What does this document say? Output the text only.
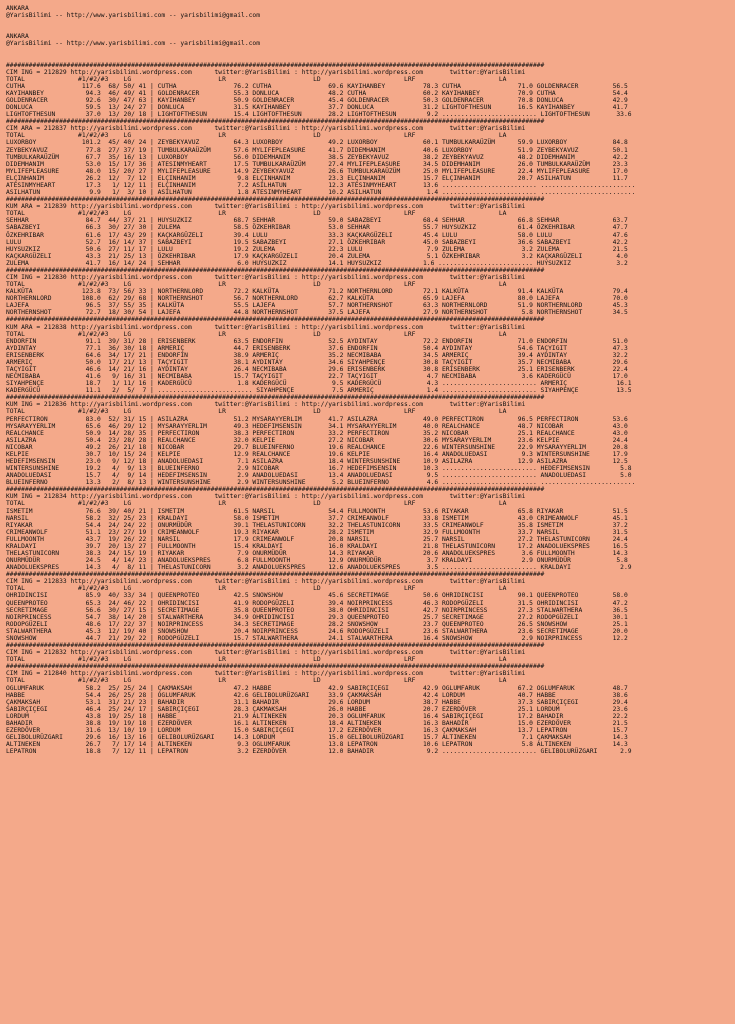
ANKARA
@YarisBilimi -- http://www.yarisbilimi.com -- yarisbilimi@gmail.com

ANKARA
@YarisBilimi -- http://www.yarisbilimi.com -- yarisbilimi@gmail.com

##############################################################################################################################################
CIM ING = 212829 http://yarisbilimi.wordpress.com      twitter:@YarisBilimi : http://yarisbilimi.wordpress.com       twitter:@YarisBilimi
TOTAL              #1/#2/#3    LG                       LR                       LD                      LRF                      LA
CUTHA               117.6  68/ 50/ 41 | CUTHA               76.2 CUTHA               69.6 KAYIHANBEY          78.3 CUTHA               71.0 GOLDENRACER         56.5
KAYIHANBEY           94.3  46/ 49/ 41 | GOLDENRACER         55.3 DONLUCA             48.2 CUTHA               60.2 KAYIHANBEY          70.9 CUTHA               54.4
GOLDENRACER          92.6  30/ 47/ 63 | KAYIHANBEY          50.9 GOLDENRACER         45.4 GOLDENRACER         50.3 GOLDENRACER         70.8 DONLUCA             42.9
DONLUCA              59.5  13/ 24/ 27 | DONLUCA             31.5 KAYIHANBEY          37.7 DONLUCA             31.2 LIGHTOFTHESUN       16.5 KAYIHANBEY          41.7
LIGHTOFTHESUN        37.0  13/ 20/ 18 | LIGHTOFTHESUN       15.4 LIGHTOFTHESUN       28.2 LIGHTOFTHESUN        9.2 ......................... LIGHTOFTHESUN       33.6
##############################################################################################################################################
CIM ARA = 212837 http://yarisbilimi.wordpress.com      twitter:@YarisBilimi : http://yarisbilimi.wordpress.com       twitter:@YarisBilimi
TOTAL              #1/#2/#3    LG                       LR                       LD                      LRF                      LA
LUXORBOY            101.2  45/ 40/ 24 | ZEYBEKYAVUZ         64.3 LUXORBOY            49.2 LUXORBOY            60.1 TUMBULKARAÜZÜM      59.9 LUXORBOY            84.8
ZEYBEKYAVUZ          77.8  27/ 37/ 19 | TUMBULKARAÜZÜM      57.6 MYLIFEPLEASURE      41.7 DIDEMHANIM          40.6 LUXORBOY            51.9 ZEYBEKYAVUZ         50.1
TUMBULKARAÜZÜM       67.7  35/ 16/ 13 | LUXORBOY            56.0 DIDEMHANIM          38.5 ZEYBEKYAVUZ         38.2 ZEYBEKYAVUZ         48.2 DIDEMHANIM          42.2
DIDEMHANIM           53.0  15/ 17/ 36 | ATESINMYHEART       17.5 TUMBULKARAÜZÜM      27.4 MYLIFEPLEASURE      34.5 DIDEMHANIM          26.0 TUMBULKARAÜZÜM      23.3
MYLIFEPLEASURE       48.0  15/ 20/ 27 | MYLIFEPLEASURE      14.9 ZEYBEKYAVUZ         26.6 TUMBULKARAÜZÜM      25.0 MYLIFEPLEASURE      22.4 MYLIFEPLEASURE      17.0
ELÇINHANIM           26.2  12/  7/ 12 | ELÇINHANIM           9.8 ELÇINHANIM          23.3 ELÇINHANIM          15.7 ELÇINHANIM          20.7 ASILHATUN           11.7
ATESINMYHEART        17.3   1/ 12/ 11 | ELÇINHANIM           7.2 ASILHATUN           12.3 ATESINMYHEART       13.6 ......................... .........................
ASILHATUN             9.9   1/  3/ 10 | ASILHATUN            1.8 ATESINMYHEART       10.2 ASILHATUN            1.4 ......................... .........................
##############################################################################################################################################
KUM ARA = 212839 http://yarisbilimi.wordpress.com      twitter:@YarisBilimi : http://yarisbilimi.wordpress.com       twitter:@YarisBilimi
TOTAL              #1/#2/#3    LG                       LR                       LD                      LRF                      LA
SEHHAR               84.7  44/ 37/ 21 | HUYSUZKIZ           68.7 SEHHAR              59.0 SABAZBEYI           68.4 SEHHAR              66.8 SEHHAR              63.7
SABAZBEYI            66.3  30/ 27/ 30 | ZULEMA              58.5 ÖZKEHRIBAR          53.0 SEHHAR              55.7 HUYSUZKIZ           61.4 ÖZKEHRIBAR          47.7
ÖZKEHRIBAR           61.6  17/ 43/ 29 | KAÇKARGÜZELI        39.4 LULU                33.3 KAÇKARGÜZELI        45.4 LULU                58.0 LULU                47.6
LULU                 52.7  16/ 14/ 37 | SABAZBEYI           19.5 SABAZBEYI           27.1 ÖZKEHRIBAR          45.0 SABAZBEYI           36.6 SABAZBEYI           42.2
HUYSUZKIZ            50.6  27/ 11/ 17 | LULU                19.2 ZULEMA              22.3 LULU                 7.9 ZULEMA               3.2 ZULEMA              21.5
KAÇKARGÜZELI         43.3  21/ 25/ 13 | ÖZKEHRIBAR          17.9 KAÇKARGÜZELI        20.4 ZULEMA               5.1 ÖZKEHRIBAR           3.2 KAÇKARGÜZELI         4.0
ZULEMA               41.7  16/ 14/ 24 | SEHHAR               6.0 HUYSUZKIZ           14.1 HUYSUZKIZ           1.6 ......................... HUYSUZKIZ            3.2
##############################################################################################################################################
CIM ING = 212830 http://yarisbilimi.wordpress.com      twitter:@YarisBilimi : http://yarisbilimi.wordpress.com       twitter:@YarisBilimi
TOTAL              #1/#2/#3    LG                       LR                       LD                      LRF                      LA
KALKÜTA             123.8  73/ 56/ 33 | NORTHERNLORD        72.2 KALKÜTA             71.2 NORTHERNLORD        72.1 KALKÜTA             91.4 KALKÜTA             79.4
NORTHERNLORD        108.0  62/ 29/ 68 | NORTHERNSHOT        56.7 NORTHERNLORD        62.7 KALKÜTA             65.9 LAJEFA              80.0 LAJEFA              70.0
LAJEFA               96.5  37/ 55/ 35 | KALKÜTA             55.5 LAJEFA              57.7 NORTHERNSHOT        63.3 NORTHERNLORD        51.9 NORTHERNLORD        45.3
NORTHERNSHOT         72.7  18/ 30/ 54 | LAJEFA              44.8 NORTHERNSHOT        37.5 LAJEFA              27.9 NORTHERNSHOT         5.8 NORTHERNSHOT        34.5
##############################################################################################################################################
KUM ARA = 212838 http://yarisbilimi.wordpress.com      twitter:@YarisBilimi : http://yarisbilimi.wordpress.com       twitter:@YarisBilimi
TOTAL              #1/#2/#3    LG                       LR                       LD                      LRF                      LA
ENDORFIN             91.1  39/ 31/ 28 | ERISENBERK          63.5 ENDORFIN            52.5 AYDINTAY            72.2 ENDORFIN            71.0 ENDORFIN            51.0
AYDINTAY             77.1  36/ 30/ 18 | ARMERIÇ             44.7 ERISENBERK          37.6 ENDORFIN            50.4 AYDINTAY            54.6 TAÇYIGIT            47.3
ERISENBERK           64.6  34/ 17/ 21 | ENDORFIN            38.9 ARMERIÇ             35.2 NECMIBABA           34.5 ARMERIÇ             39.4 AYDINTAY            32.2
ARMERIÇ              50.0  17/ 21/ 13 | TAÇYIGIT            38.1 AYDINTAY            34.6 SIYAHPENÇE          30.8 TAÇYIGIT            35.7 NECMIBABA           29.6
TAÇYIGIT             46.6  14/ 21/ 16 | AYDINTAY            26.4 NECMIBABA           29.6 ERISENBERK          30.8 ERISENBERK          25.1 ERISENBERK          22.4
NECMIBABA            41.6   9/ 16/ 31 | NECMIBABA           15.7 TAÇYIGIT            22.7 TAÇYIGIT             4.7 NECMIBABA            3.6 KADERGÜCÜ           17.0
SIYAHPENÇE           18.7   1/ 11/ 16 | KADERGÜCÜ            1.8 KADERGÜCÜ            9.5 KADERGÜCÜ            4.3 ......................... ARMERIÇ             16.1
KADERGÜCÜ            11.1   2/  5/  7 | ......................... SIYAHPENÇE          7.5 ARMERIÇ              1.4 ......................... SIYAHPENÇE          13.5
##############################################################################################################################################
KUM ING = 212836 http://yarisbilimi.wordpress.com      twitter:@YarisBilimi : http://yarisbilimi.wordpress.com       twitter:@YarisBilimi
TOTAL              #1/#2/#3    LG                       LR                       LD                      LRF                      LA
PERFECTIRON          83.0  52/ 31/ 15 | ASILAZRA            51.2 MYSARAYYERLIM       41.7 ASILAZRA            49.0 PERFECTIRON         96.5 PERFECTIRON         53.6
MYSARAYYERLIM        65.6  46/ 29/ 12 | MYSARAYYERLIM       49.3 HEDEFIMSENSIN       34.1 MYSARAYYERLIM       40.0 REALCHANCE          48.7 NICOBAR             43.0
REALCHANCE           50.9  14/ 28/ 35 | PERFECTIRON         38.3 PERFECTIRON         33.2 PERFECTIRON         35.2 NICOBAR             25.1 REALCHANCE          43.0
ASILAZRA             50.4  23/ 28/ 28 | REALCHANCE          32.0 KELPIE              27.2 NICOBAR             30.6 MYSARAYYERLIM       23.6 KELPIE              24.4
NICOBAR              49.2  26/ 21/ 18 | NICOBAR             29.7 BLUEINFERNO         19.6 REALCHANCE          22.6 WINTERSUNSHINE      22.9 MYSARAYYERLIM       20.8
KELPIE               30.7  10/ 15/ 24 | KELPIE              12.9 REALCHANCE          19.6 KELPIE              16.4 ANADOLUEDASI         9.3 WINTERSUNSHINE      17.9
HEDEFIMSENSIN        23.0   9/ 12/ 18 | ANADOLUEDASI         7.1 ASILAZRA            18.4 WINTERSUNSHINE      10.9 ASILAZRA            12.9 ASILAZRA            12.5
WINTERSUNSHINE       19.2   4/  9/ 13 | BLUEINFERNO          2.9 NICOBAR             16.7 HEDEFIMSENSIN       10.3 ......................... HEDEFIMSENSIN        5.8
ANADOLUEDASI         15.7   4/  9/ 14 | HEDEFIMSENSIN        2.9 ANADOLUEDASI        13.4 ANADOLUEDASI         9.5 ......................... ANADOLUEDASI         5.0
BLUEINFERNO          13.3   2/  8/ 13 | WINTERSUNSHINE       2.9 WINTERSUNSHINE       5.2 BLUEINFERNO          4.6 ......................... .........................
##############################################################################################################################################
KUM ING = 212834 http://yarisbilimi.wordpress.com      twitter:@YarisBilimi : http://yarisbilimi.wordpress.com       twitter:@YarisBilimi
TOTAL              #1/#2/#3    LG                       LR                       LD                      LRF                      LA
ISMETIM              76.6  39/ 40/ 21 | ISMETIM             61.5 NARSIL              54.4 FULLMOONTH          53.6 RIYAKAR             65.8 RIYAKAR             51.5
NARSIL               58.2  32/ 25/ 23 | KRALDAYI            58.0 ISMETIM             37.7 CRIMEANWOLF         33.8 ISMETIM             43.0 CRIMEANWOLF         45.1
RIYAKAR              54.4  24/ 24/ 22 | ONURMÜDÜR           39.1 THELASTUNICORN      32.2 THELASTUNICORN      33.5 CRIMEANWOLF         35.8 ISMETIM             37.2
CRIMEANWOLF          51.1  23/ 27/ 19 | CRIMEANWOLF         19.3 RIYAKAR             28.2 ISMETIM             32.9 FULLMOONTH          33.7 NARSIL              31.5
FULLMOONTH           43.7  19/ 26/ 22 | NARSIL              17.9 CRIMEANWOLF         20.8 NARSIL              25.7 NARSIL              27.2 THELASTUNICORN      24.4
KRALDAYI             39.7  20/ 13/ 27 | FULLMOONTH          15.4 KRALDAYI            16.0 KRALDAYI            21.8 THELASTUNICORN      17.2 ANADOLUEKSPRES      16.5
THELASTUNICORN       38.3  24/ 15/ 19 | RIYAKAR              7.9 ONURMÜDÜR           14.3 RIYAKAR             20.6 ANADOLUEKSPRES       3.6 FULLMOONTH          14.3
ONURMÜDÜR            24.5   4/ 14/ 23 | ANADOLUEKSPRES       6.8 FULLMOONTH          12.9 ONURMÜDÜR            3.7 KRALDAYI             2.9 ONURMÜDÜR            5.8
ANADOLUEKSPRES       14.3   4/  8/ 11 | THELASTUNICORN       3.2 ANADOLUEKSPRES      12.6 ANADOLUEKSPRES       3.5 ......................... KRALDAYI             2.9
##############################################################################################################################################
CIM ING = 212833 http://yarisbilimi.wordpress.com      twitter:@YarisBilimi : http://yarisbilimi.wordpress.com       twitter:@YarisBilimi
TOTAL              #1/#2/#3    LG                       LR                       LD                      LRF                      LA
OHRIDINCISI          85.9  40/ 33/ 34 | QUEENPROTEO         42.5 SNOWSHOW            45.6 SECRETIMAGE         50.6 OHRIDINCISI         90.1 QUEENPROTEO         58.0
QUEENPROTEO          65.3  24/ 46/ 22 | OHRIDINCISI         41.9 RODOPGÜZELI         39.4 NOIRPRINCESS        46.3 RODOPGÜZELI         31.5 OHRIDINCISI         47.2
SECRETIMAGE          56.6  30/ 27/ 15 | SECRETIMAGE         35.8 QUEENPROTEO         38.0 OHRIDINCISI         42.7 NOIRPRINCESS        27.3 STALWARTHERA        36.5
NOIRPRINCESS         54.7  38/ 14/ 20 | STALWARTHERA        34.9 OHRIDINCISI         29.3 QUEENPROTEO         25.7 SECRETIMAGE         27.2 RODOPGÜZELI         30.1
RODOPGÜZELI          48.6  17/ 22/ 37 | NOIRPRINCESS        34.3 SECRETIMAGE         28.2 SNOWSHOW            23.7 QUEENPROTEO         26.5 SNOWSHOW            25.1
STALWARTHERA         45.3  12/ 19/ 40 | SNOWSHOW            20.4 NOIRPRINCESS        24.6 RODOPGÜZELI         23.6 STALWARTHERA        23.6 SECRETIMAGE         20.0
SNOWSHOW             44.7  21/ 29/ 22 | RODOPGÜZELI         15.7 STALWARTHERA        24.1 STALWARTHERA        16.4 SNOWSHOW             2.9 NOIRPRINCESS        12.2
##############################################################################################################################################
CIM ING = 212832 http://yarisbilimi.wordpress.com      twitter:@YarisBilimi : http://yarisbilimi.wordpress.com       twitter:@YarisBilimi
TOTAL              #1/#2/#3    LG                       LR                       LD                      LRF                      LA
##############################################################################################################################################
CIM ING = 212840 http://yarisbilimi.wordpress.com      twitter:@YarisBilimi : http://yarisbilimi.wordpress.com       twitter:@YarisBilimi
TOTAL              #1/#2/#3    LG                       LR                       LD                      LRF                      LA
OGLUMFARUK           58.2  25/ 25/ 24 | ÇAKMAKSAH           47.2 HABBE               42.9 SABIRÇIÇEGI         42.9 OGLUMFARUK          67.2 OGLUMFARUK          48.7
HABBE                54.4  26/ 25/ 28 | OGLUMFARUK          42.6 GELIBOLURÜZGARI     33.9 ÇAKMAKSAH           42.4 LORDUM              40.7 HABBE               38.6
ÇAKMAKSAH            53.1  31/ 21/ 23 | BAHADIR             31.1 BAHADIR             29.6 LORDUM              38.7 HABBE               37.3 SABIRÇIÇEGI         29.4
SABIRÇIÇEGI          46.4  25/ 24/ 17 | SABIRÇIÇEGI         28.3 ÇAKMAKSAH           26.0 HABBE               20.7 EZERDÖVER           25.1 LORDUM              23.6
LORDUM               43.8  19/ 25/ 18 | HABBE               21.9 ALTINEKEN           20.3 OGLUMFARUK          16.4 SABIRÇIÇEGI         17.2 BAHADIR             22.2
BAHADIR              38.8  19/ 19/ 18 | EZERDÖVER           16.1 ALTINEKEN           18.4 ALTINEKEN           16.3 BAHADIR             15.0 EZERDÖVER           21.5
EZERDÖVER            31.6  13/ 10/ 19 | LORDUM              15.0 SABIRÇIÇEGI         17.2 EZERDÖVER           16.3 ÇAKMAKSAH           13.7 LEPATRON            15.7
GELIBOLURÜZGARI      29.6  16/ 13/ 16 | GELIBOLURÜZGARI     14.3 LORDUM              15.0 GELIBOLURÜZGARI     15.7 ALTINEKEN            7.1 ÇAKMAKSAH           14.3
ALTINEKEN            26.7   7/ 17/ 14 | ALTINEKEN            9.3 OGLUMFARUK          13.8 LEPATRON            10.6 LEPATRON             5.8 ALTINEKEN           14.3
LEPATRON             18.8   7/ 12/ 11 | LEPATRON             3.2 EZERDÖVER           12.0 BAHADIR              9.2 ......................... GELIBOLURÜZGARI      2.9
